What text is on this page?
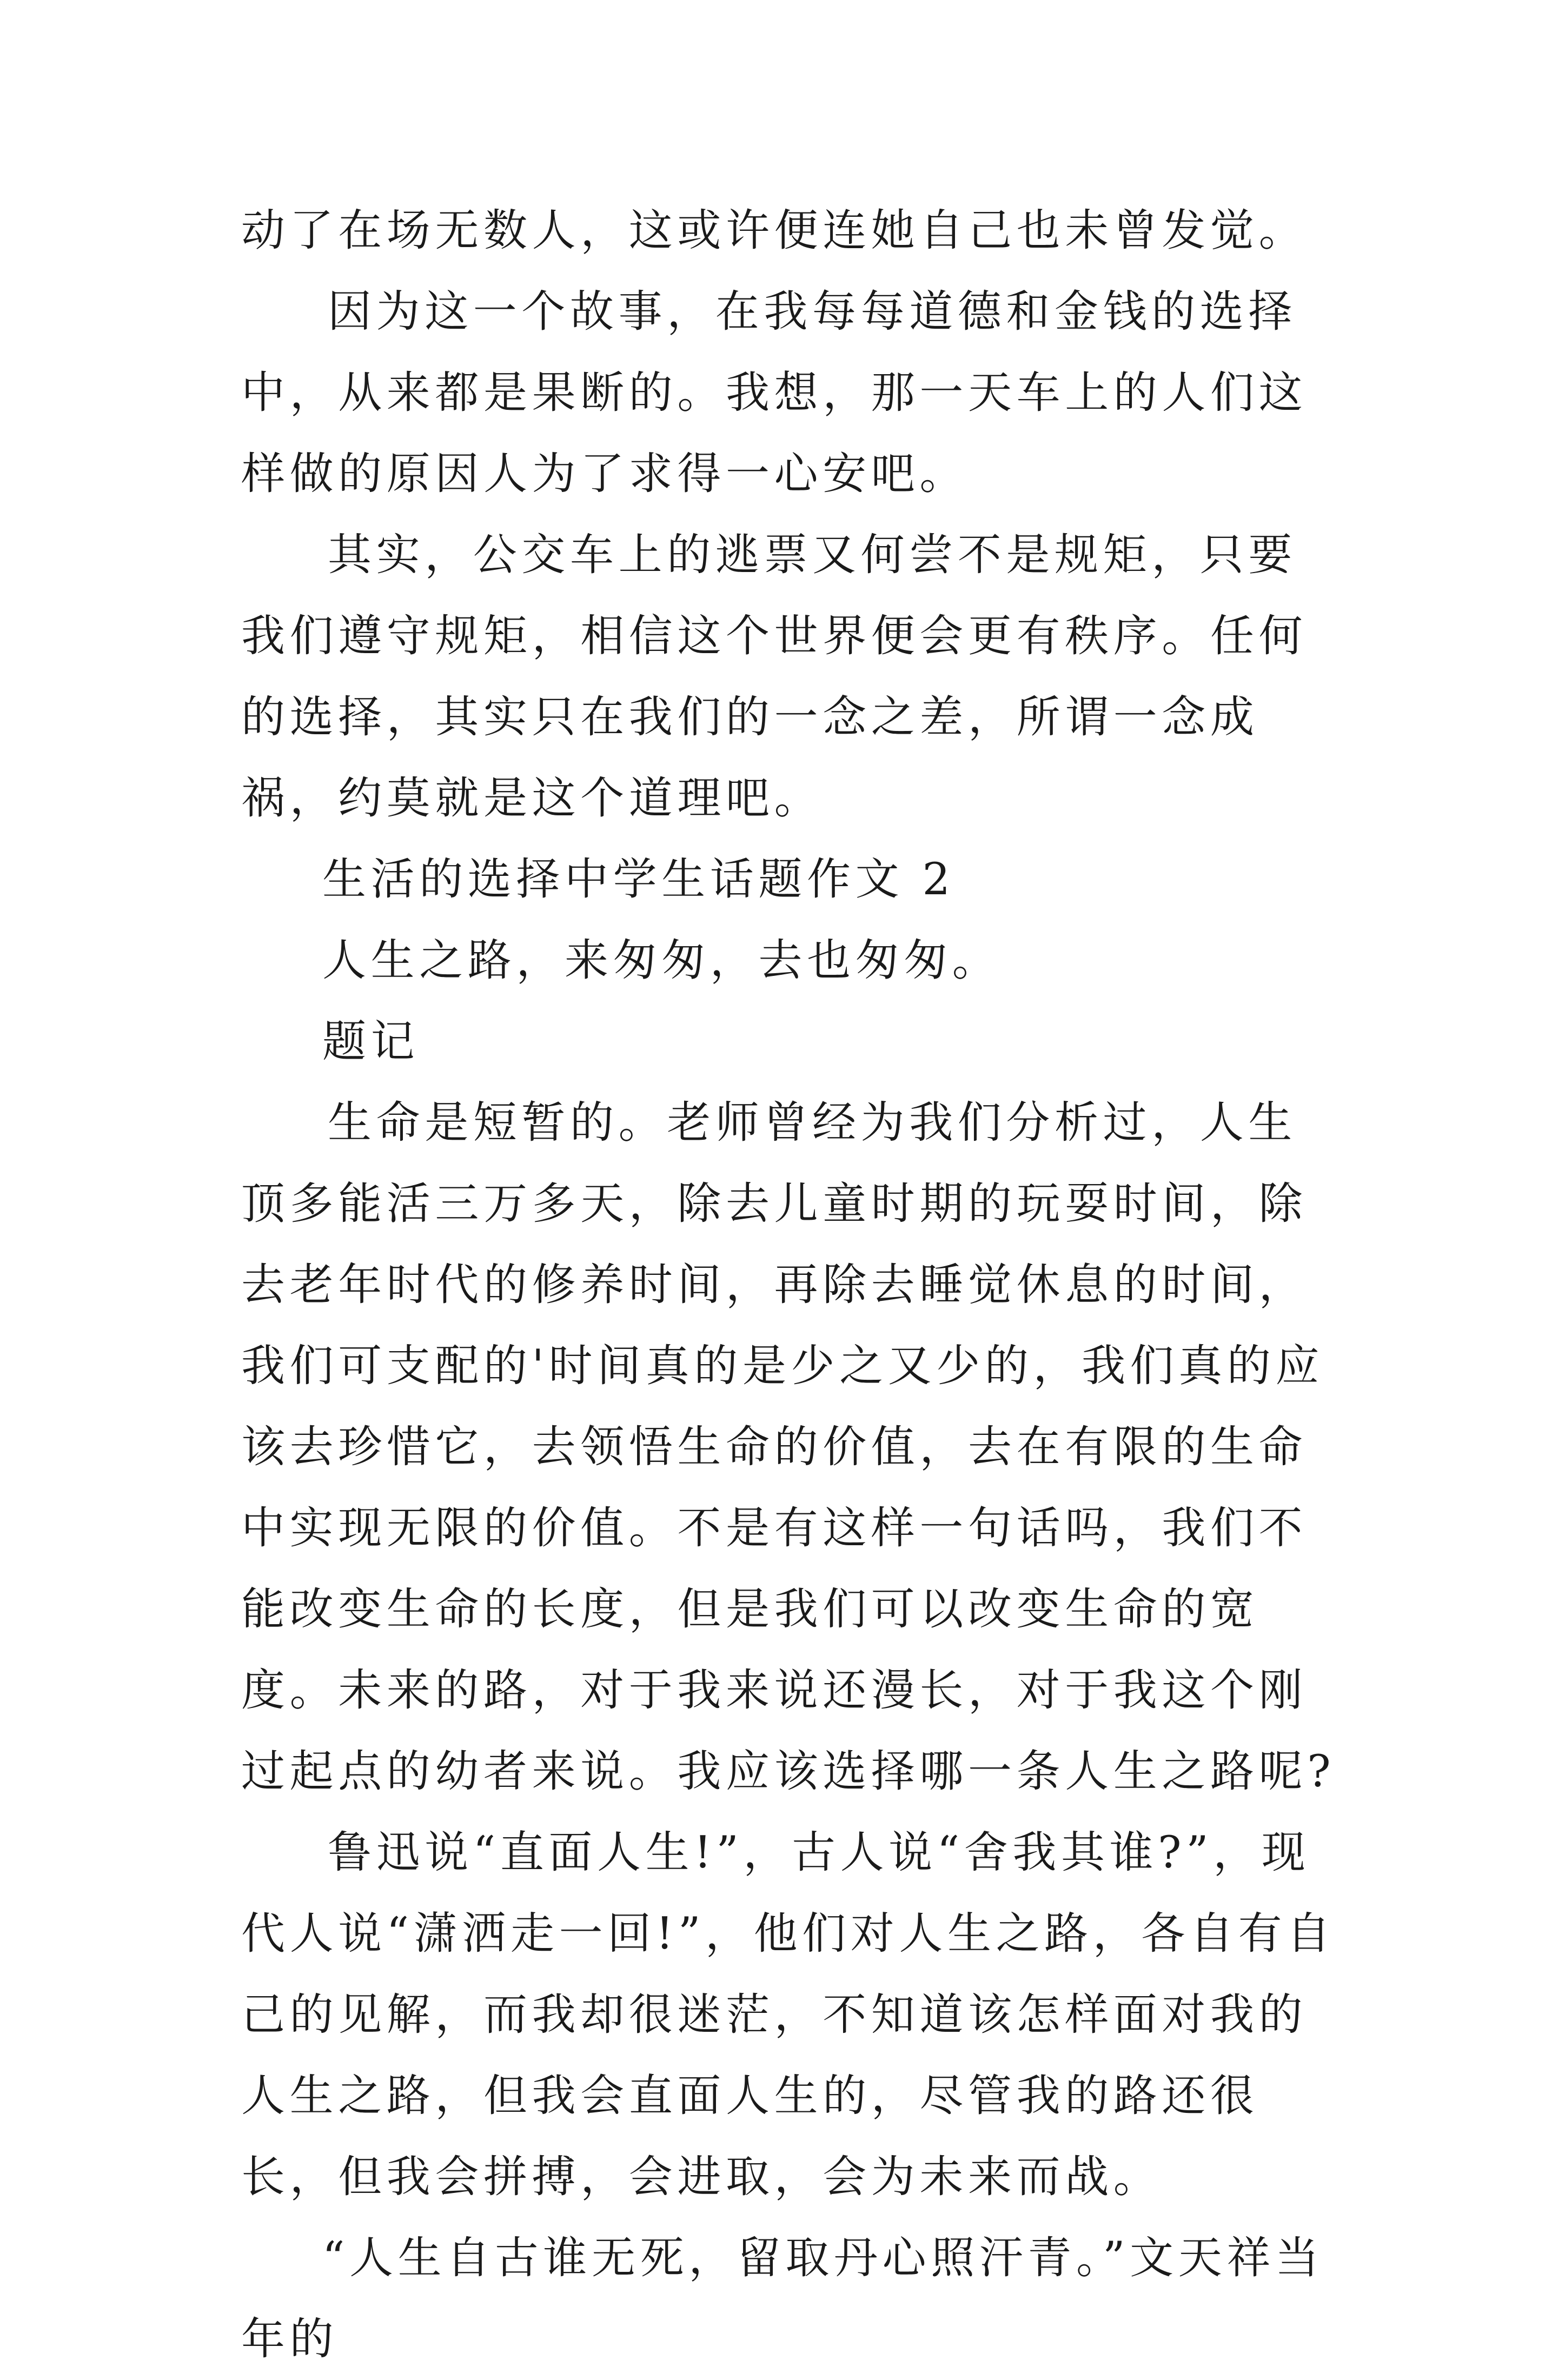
动了在场无数人，这或许便连她自己也未曾发觉。

因为这一个故事，在我每每道德和金钱的选择中，从来都是果断的。我想，那一天车上的人们这样做的原因人为了求得一心安吧。

其实，公交车上的逃票又何尝不是规矩，只要我们遵守规矩，相信这个世界便会更有秩序。任何的选择，其实只在我们的一念之差，所谓一念成祸，约莫就是这个道理吧。

生活的选择中学生话题作文 2

人生之路，来匆匆，去也匆匆。

题记

生命是短暂的。老师曾经为我们分析过，人生顶多能活三万多天，除去儿童时期的玩耍时间，除去老年时代的修养时间，再除去睡觉休息的时间，我们可支配的'时间真的是少之又少的，我们真的应该去珍惜它，去领悟生命的价值，去在有限的生命中实现无限的价值。不是有这样一句话吗，我们不能改变生命的长度，但是我们可以改变生命的宽度。未来的路，对于我来说还漫长，对于我这个刚过起点的幼者来说。我应该选择哪一条人生之路呢?

鲁迅说“直面人生!”，古人说“舍我其谁?”，现代人说“潇洒走一回!”，他们对人生之路，各自有自己的见解，而我却很迷茫，不知道该怎样面对我的人生之路，但我会直面人生的，尽管我的路还很长，但我会拼搏，会进取，会为未来而战。

“人生自古谁无死，留取丹心照汗青。”文天祥当年的
